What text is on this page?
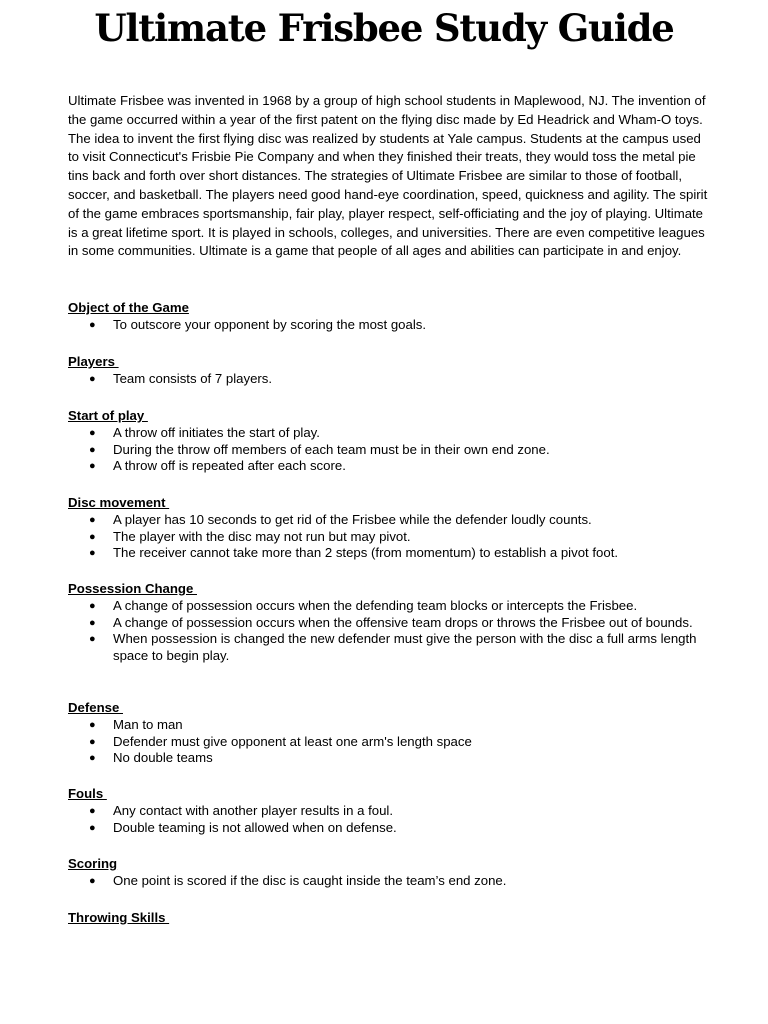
Ultimate Frisbee Study Guide

Ultimate Frisbee was invented in 1968 by a group of high school students in Maplewood, NJ. The invention of the game occurred within a year of the first patent on the flying disc made by Ed Headrick and Wham-O toys. The idea to invent the first flying disc was realized by students at Yale campus. Students at the campus used to visit Connecticut's Frisbie Pie Company and when they finished their treats, they would toss the metal pie tins back and forth over short distances. The strategies of Ultimate Frisbee are similar to those of football, soccer, and basketball. The players need good hand-eye coordination, speed, quickness and agility. The spirit of the game embraces sportsmanship, fair play, player respect, self-officiating and the joy of playing. Ultimate is a great lifetime sport. It is played in schools, colleges, and universities. There are even competitive leagues in some communities. Ultimate is a game that people of all ages and abilities can participate in and enjoy.

Object of the Game
● To outscore your opponent by scoring the most goals.
Players
● Team consists of 7 players.
Start of play
● A throw off initiates the start of play.
● During the throw off members of each team must be in their own end zone.
● A throw off is repeated after each score.
Disc movement
● A player has 10 seconds to get rid of the Frisbee while the defender loudly counts.
● The player with the disc may not run but may pivot.
● The receiver cannot take more than 2 steps (from momentum) to establish a pivot foot.
Possession Change
● A change of possession occurs when the defending team blocks or intercepts the Frisbee.
● A change of possession occurs when the offensive team drops or throws the Frisbee out of bounds.
● When possession is changed the new defender must give the person with the disc a full arms length space to begin play.
Defense
● Man to man
● Defender must give opponent at least one arm's length space
● No double teams
Fouls
● Any contact with another player results in a foul.
● Double teaming is not allowed when on defense.
Scoring
● One point is scored if the disc is caught inside the team’s end zone.
Throwing Skills
